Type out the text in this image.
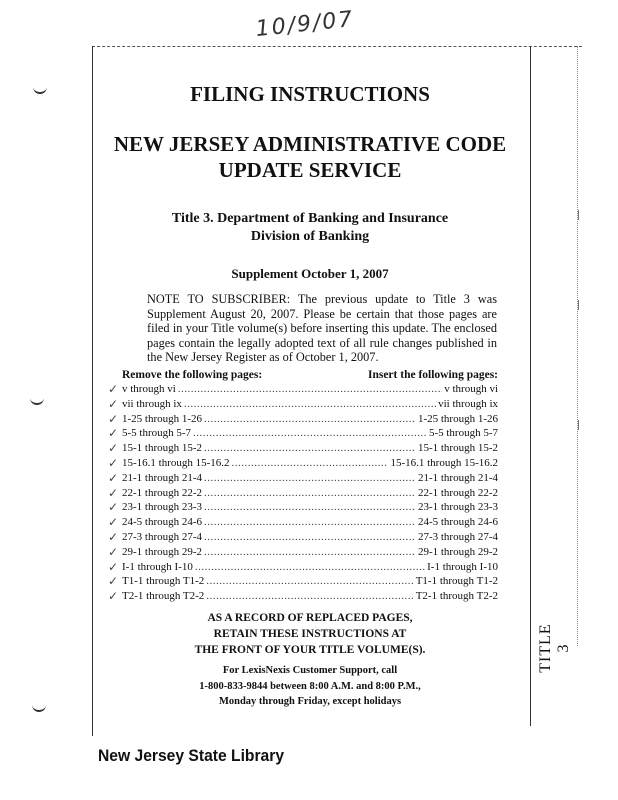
10/9/07
FILING INSTRUCTIONS
NEW JERSEY ADMINISTRATIVE CODE
UPDATE SERVICE
Title 3. Department of Banking and Insurance
Division of Banking
Supplement October 1, 2007
NOTE TO SUBSCRIBER: The previous update to Title 3 was Supplement August 20, 2007. Please be certain that those pages are filed in your Title volume(s) before inserting this update. The enclosed pages contain the legally adopted text of all rule changes published in the New Jersey Register as of October 1, 2007.
Remove the following pages:	Insert the following pages:
✓ v through vi .....	v through vi
✓ vii through ix .....	vii through ix
✓ 1-25 through 1-26 .....	1-25 through 1-26
✓ 5-5 through 5-7 .....	5-5 through 5-7
✓ 15-1 through 15-2 .....	15-1 through 15-2
✓ 15-16.1 through 15-16.2 .....	15-16.1 through 15-16.2
✓ 21-1 through 21-4 .....	21-1 through 21-4
✓ 22-1 through 22-2 .....	22-1 through 22-2
✓ 23-1 through 23-3 .....	23-1 through 23-3
✓ 24-5 through 24-6 .....	24-5 through 24-6
✓ 27-3 through 27-4 .....	27-3 through 27-4
✓ 29-1 through 29-2 .....	29-1 through 29-2
✓ I-1 through I-10 .....	I-1 through I-10
✓ T1-1 through T1-2 .....	T1-1 through T1-2
✓ T2-1 through T2-2 .....	T2-1 through T2-2
AS A RECORD OF REPLACED PAGES,
RETAIN THESE INSTRUCTIONS AT
THE FRONT OF YOUR TITLE VOLUME(S).
For LexisNexis Customer Support, call
1-800-833-9844 between 8:00 A.M. and 8:00 P.M.,
Monday through Friday, except holidays
TITLE 3
New Jersey State Library
